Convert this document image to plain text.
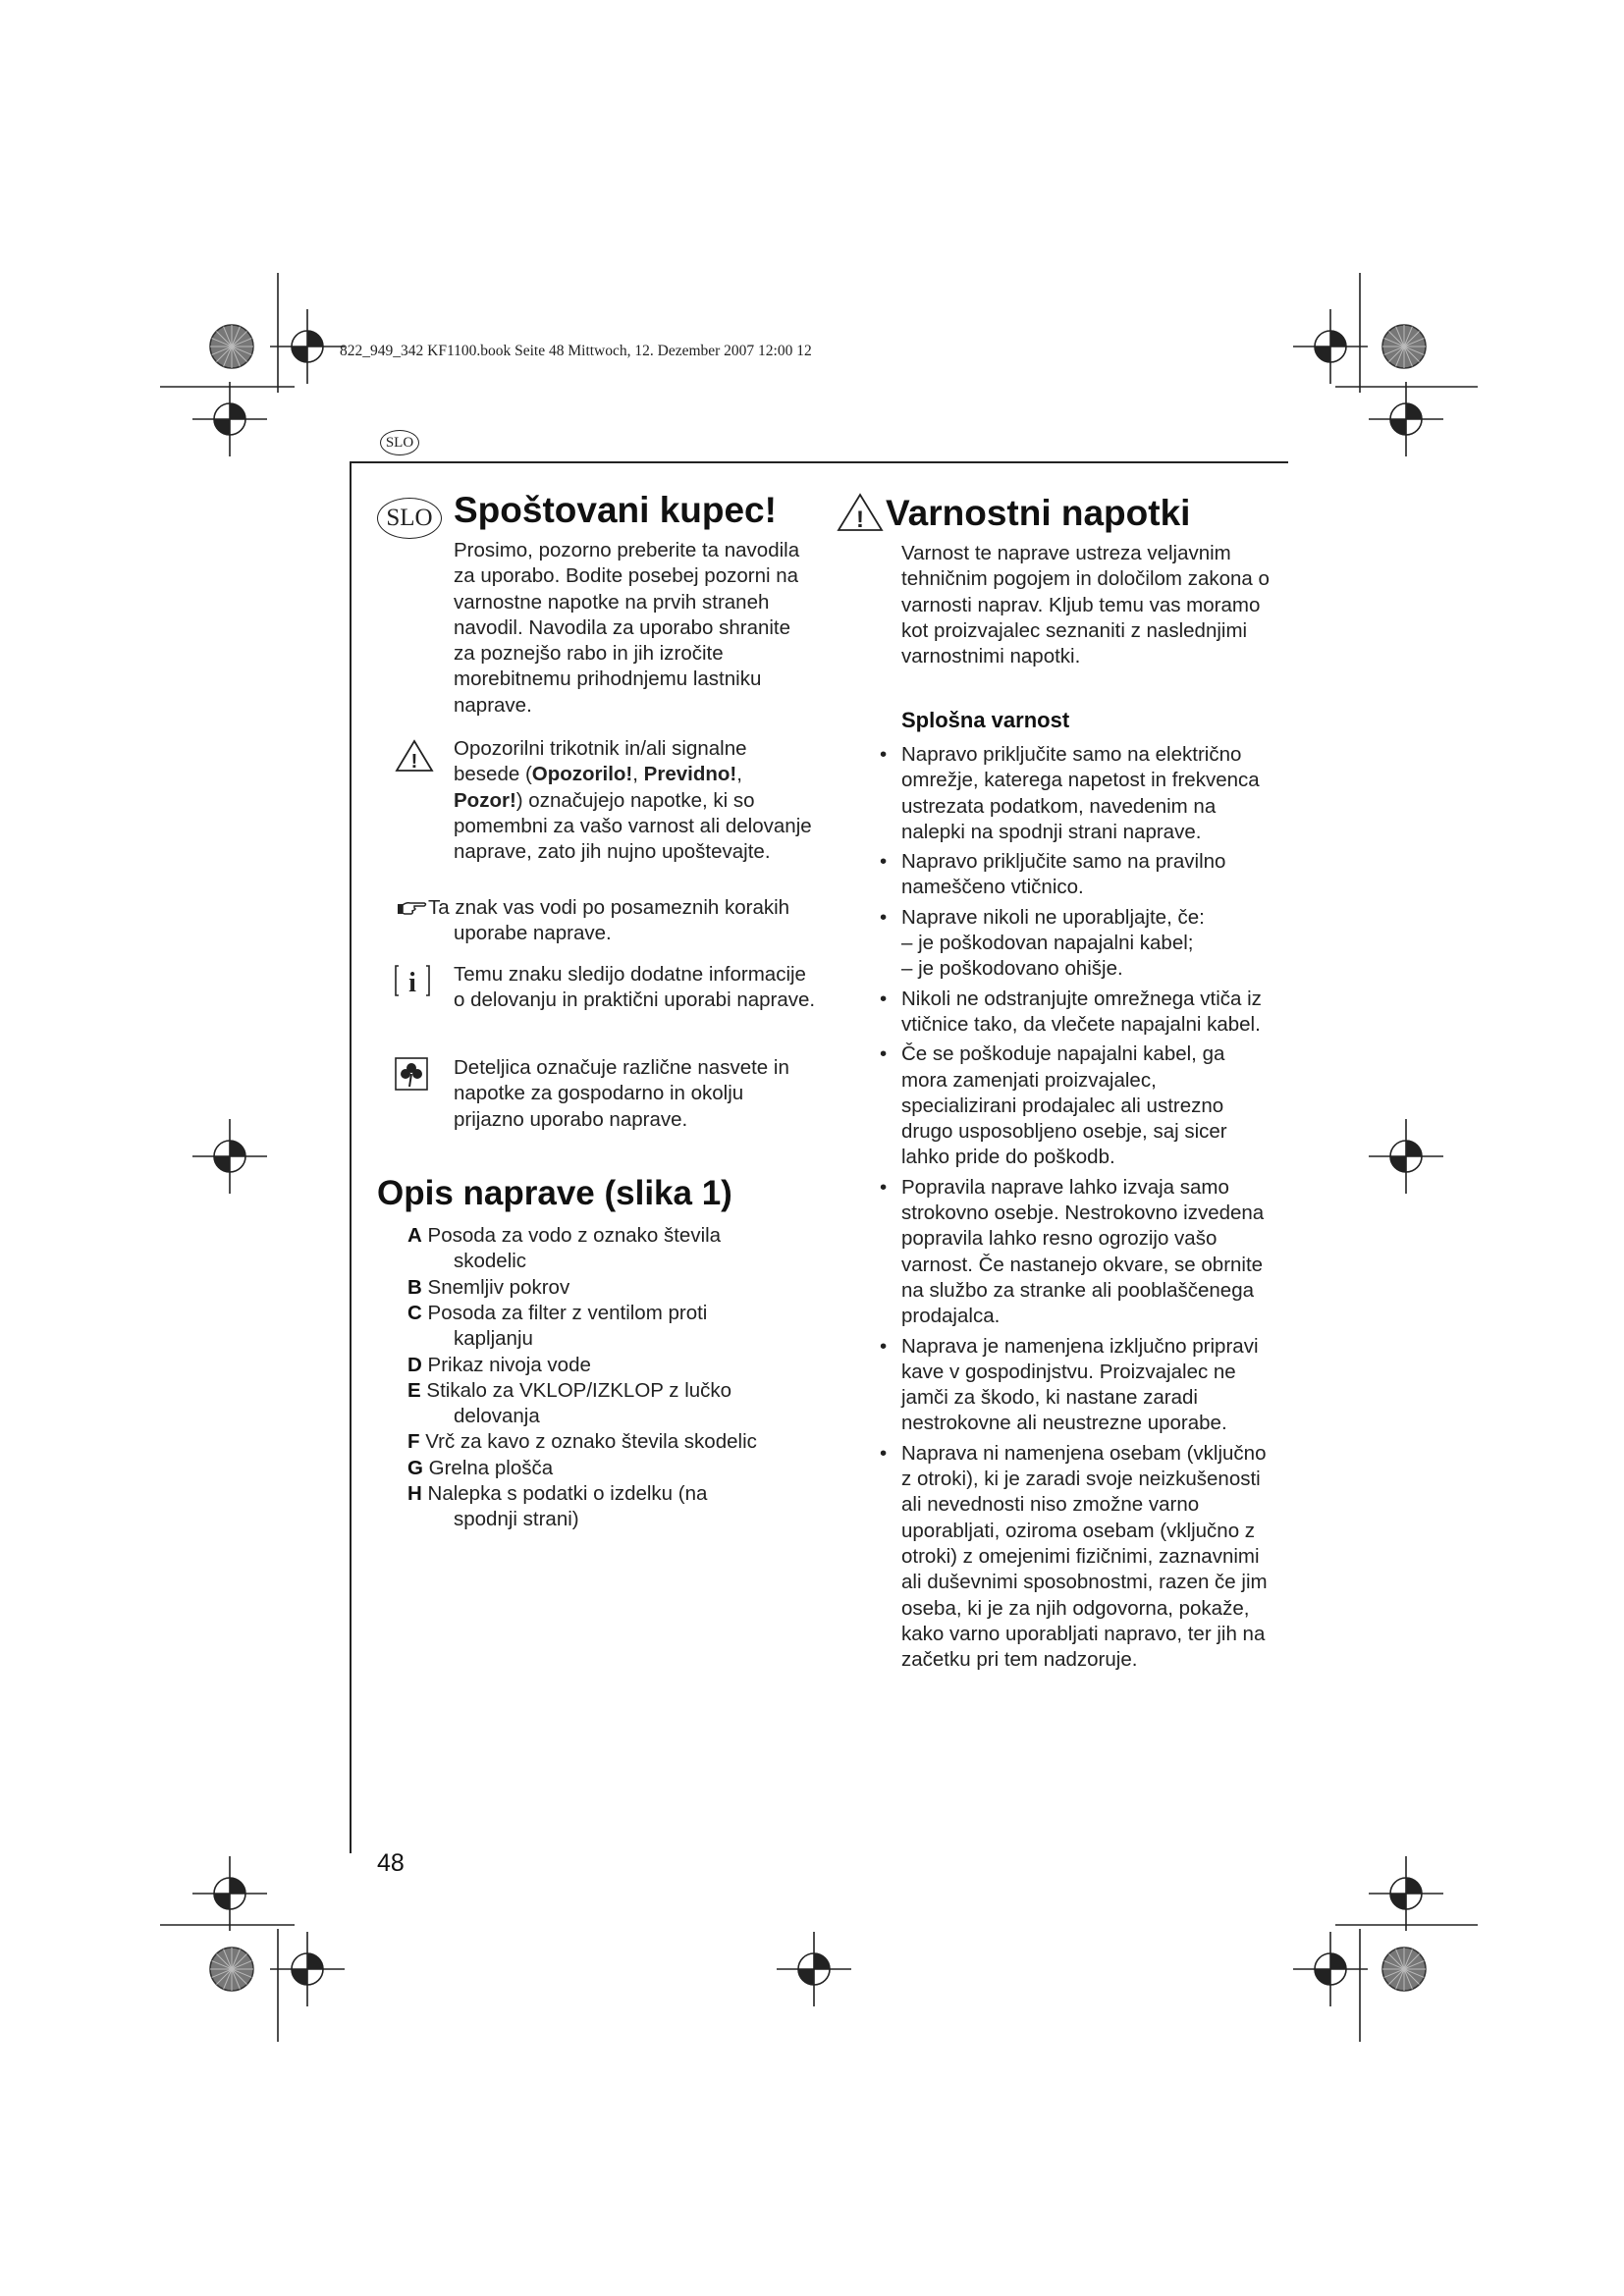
822_949_342 KF1100.book Seite 48 Mittwoch, 12. Dezember 2007 12:00 12
SLO
SLO Spoštovani kupec!

Prosimo, pozorno preberite ta navodila za uporabo. Bodite posebej pozorni na varnostne napotke na prvih straneh navodil. Navodila za uporabo shranite za poznejšo rabo in jih izročite morebitnemu prihodnjemu lastniku naprave.

!

Opozorilni trikotnik in/ali signalne besede (Opozorilo!, Previdno!, Pozor!) označujejo napotke, ki so pomembni za vašo varnost ali delovanje naprave, zato jih nujno upoštevajte.

Ta znak vas vodi po posameznih korakih uporabe naprave.

i Temu znaku sledijo dodatne informacije o delovanju in praktični uporabi naprave.

Deteljica označuje različne nasvete in napotke za gospodarno in okolju prijazno uporabo naprave.

Opis naprave (slika 1)
! Varnostni napotki

Varnost te naprave ustreza veljavnim tehničnim pogojem in določilom zakona o varnosti naprav. Kljub temu vas moramo kot proizvajalec seznaniti z naslednjimi varnostnimi napotki.

Splošna varnost
• Napravo priključite samo na električno omrežje, katerega napetost in frekvenca ustrezata podatkom, navedenim na nalepki na spodnji strani naprave.
• Napravo priključite samo na pravilno nameščeno vtičnico.
• Naprave nikoli ne uporabljajte, če:
– je poškodovan napajalni kabel;
– je poškodovano ohišje.
• Nikoli ne odstranjujte omrežnega vtiča iz vtičnice tako, da vlečete napajalni kabel.
• Če se poškoduje napajalni kabel, ga mora zamenjati proizvajalec, specializirani prodajalec ali ustrezno drugo usposobljeno osebje, saj sicer lahko pride do poškodb.
• Popravila naprave lahko izvaja samo strokovno osebje. Nestrokovno izvedena popravila lahko resno ogrozijo vašo varnost. Če nastanejo okvare, se obrnite na službo za stranke ali pooblaščenega prodajalca.
• Naprava je namenjena izključno pripravi kave v gospodinjstvu. Proizvajalec ne jamči za škodo, ki nastane zaradi nestrokovne ali neustrezne uporabe.
• Naprava ni namenjena osebam (vključno z otroki), ki je zaradi svoje neizkušenosti ali nevednosti niso zmožne varno uporabljati, oziroma osebam (vključno z otroki) z omejenimi fizičnimi, zaznavnimi ali duševnimi sposobnostmi, razen če jim oseba, ki je za njih odgovorna, pokaže, kako varno uporabljati napravo, ter jih na začetku pri tem nadzoruje.
48
A Posoda za vodo z oznako števila
skodelic
B Snemljiv pokrov
C Posoda za filter z ventilom proti
kapljanju
D Prikaz nivoja vode
E Stikalo za VKLOP/IZKLOP z lučko
delovanja
F Vrč za kavo z oznako števila skodelic
G Grelna plošča
H Nalepka s podatki o izdelku (na
spodnji strani)
